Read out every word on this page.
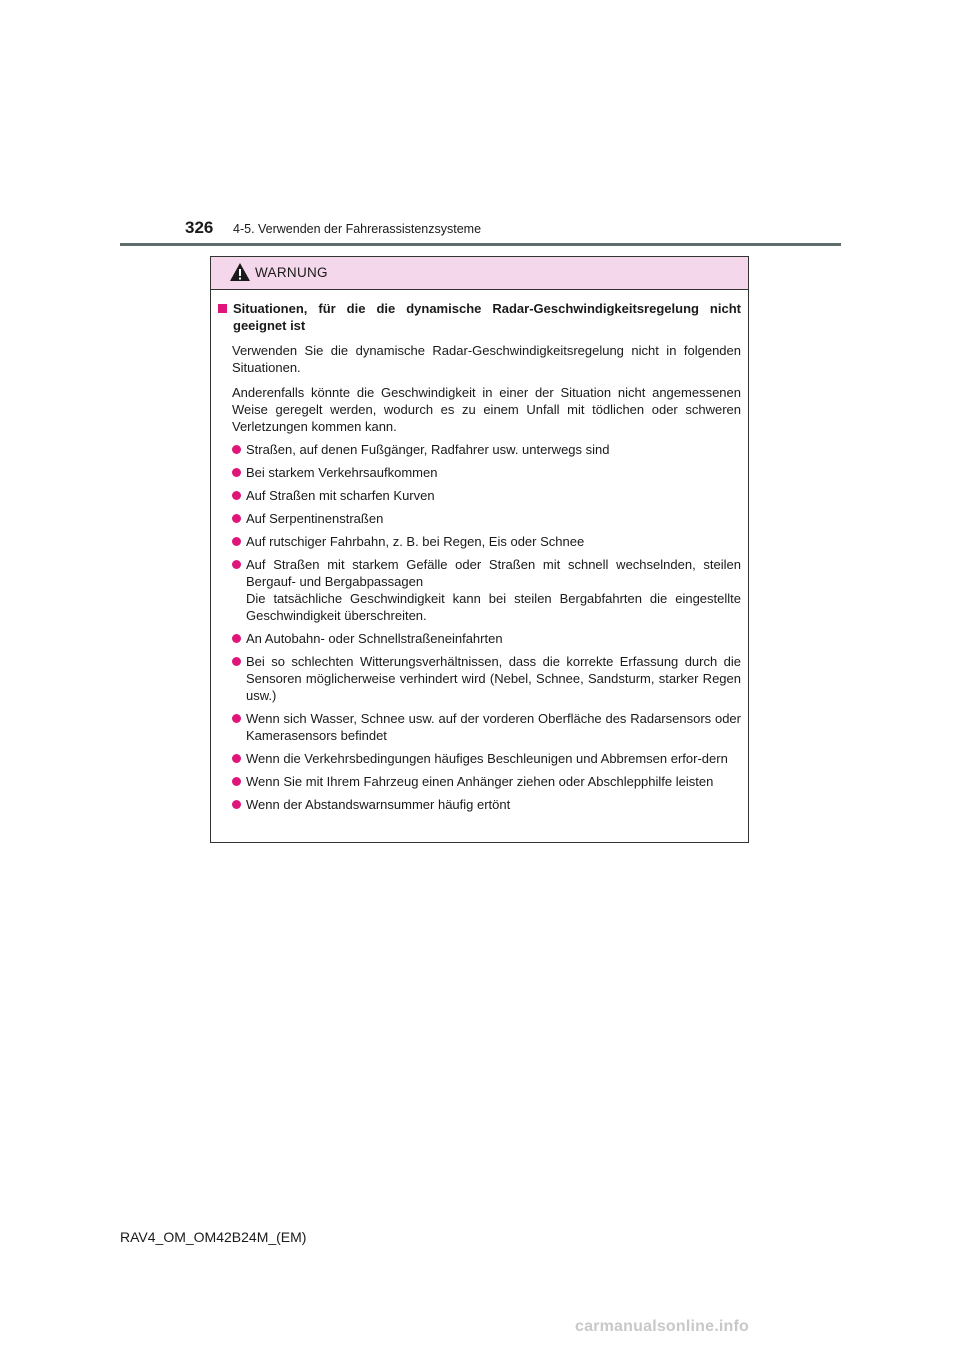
326 4-5. Verwenden der Fahrerassistenzsysteme
WARNUNG
Situationen, für die die dynamische Radar-Geschwindigkeitsregelung nicht geeignet ist
Verwenden Sie die dynamische Radar-Geschwindigkeitsregelung nicht in folgenden Situationen.
Anderenfalls könnte die Geschwindigkeit in einer der Situation nicht angemessenen Weise geregelt werden, wodurch es zu einem Unfall mit tödlichen oder schweren Verletzungen kommen kann.
Straßen, auf denen Fußgänger, Radfahrer usw. unterwegs sind
Bei starkem Verkehrsaufkommen
Auf Straßen mit scharfen Kurven
Auf Serpentinenstraßen
Auf rutschiger Fahrbahn, z. B. bei Regen, Eis oder Schnee
Auf Straßen mit starkem Gefälle oder Straßen mit schnell wechselnden, steilen Bergauf- und Bergabpassagen
Die tatsächliche Geschwindigkeit kann bei steilen Bergabfahrten die eingestellte Geschwindigkeit überschreiten.
An Autobahn- oder Schnellstraßeneinfahrten
Bei so schlechten Witterungsverhältnissen, dass die korrekte Erfassung durch die Sensoren möglicherweise verhindert wird (Nebel, Schnee, Sandsturm, starker Regen usw.)
Wenn sich Wasser, Schnee usw. auf der vorderen Oberfläche des Radarsensors oder Kamerasensors befindet
Wenn die Verkehrsbedingungen häufiges Beschleunigen und Abbremsen erfor-dern
Wenn Sie mit Ihrem Fahrzeug einen Anhänger ziehen oder Abschlepphilfe leisten
Wenn der Abstandswarnsummer häufig ertönt
RAV4_OM_OM42B24M_(EM)
carmanualsonline.info
